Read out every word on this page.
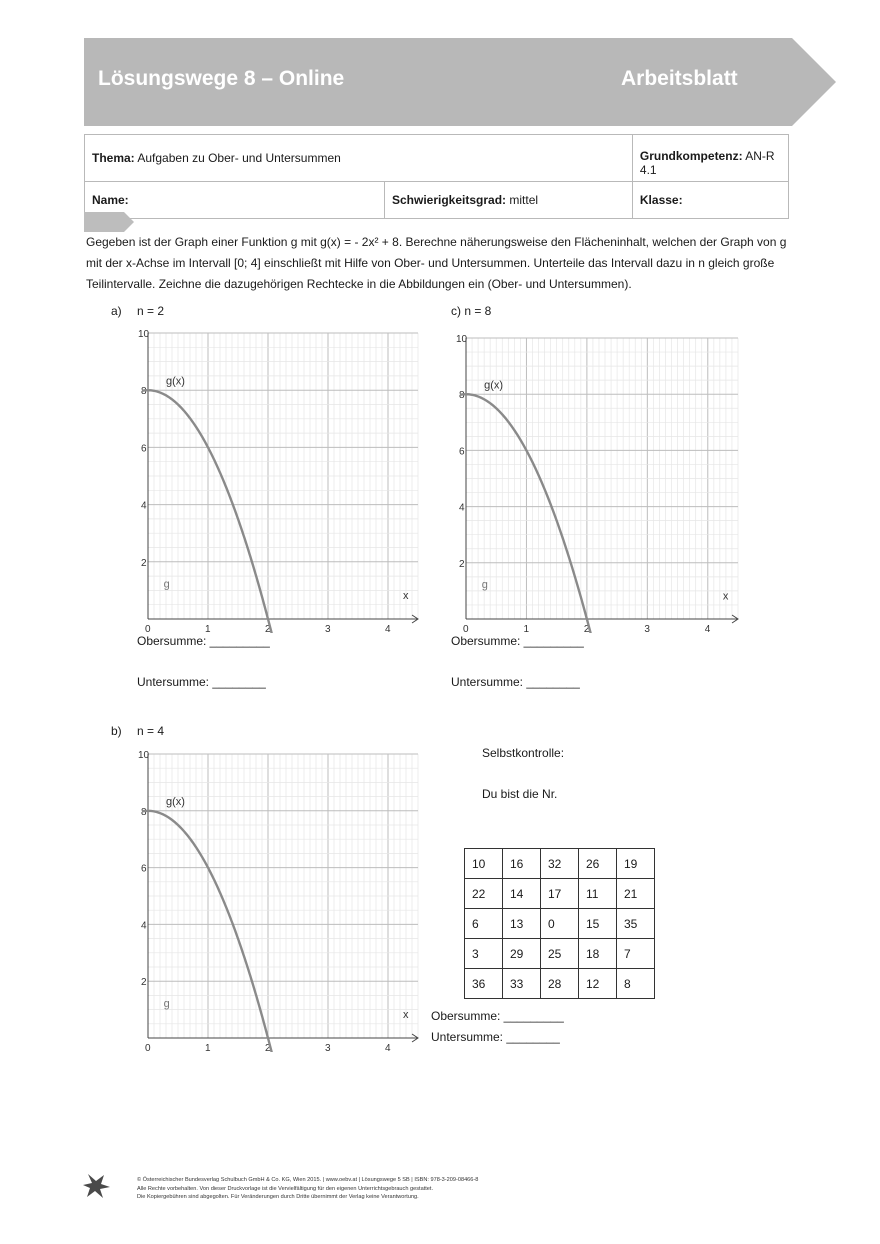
Lösungswege 8 – Online	Arbeitsblatt
Thema: Aufgaben zu Ober- und Untersummen		Grundkompetenz: AN-R 4.1
Name:	Schwierigkeitsgrad: mittel	Klasse:

Gegeben ist der Graph einer Funktion g mit g(x) = - 2x² + 8. Berechne näherungsweise den Flächeninhalt, welchen der Graph von g mit der x-Achse im Intervall [0; 4] einschließt mit Hilfe von Ober- und Untersummen. Unterteile das Intervall dazu in n gleich große Teilintervalle. Zeichne die dazugehörigen Rechtecke in die Abbildungen ein (Ober- und Untersummen).

a) n = 2
0	1	2	3	4
2
4
6
8
10
g(x)
x
g
Obersumme: _________
Untersumme: ________
c) n = 8
0	1	2	3	4
2
4
6
8
10
g(x)
x
g
Obersumme: _________
Untersumme: ________
b) n = 4
0	1	2	3	4
2
4
6
8
10
g(x)
x
g
Selbstkontrolle:
Du bist die Nr.
10	16	32	26	19
22	14	17	11	21
6	13	0	15	35
3	29	25	18	7
36	33	28	12	8
Obersumme: _________
Untersumme: ________
© Österreichischer Bundesverlag Schulbuch GmbH & Co. KG, Wien 2015. | www.oebv.at | Lösungswege 5 SB | ISBN: 978-3-209-08466-8
Alle Rechte vorbehalten. Von dieser Druckvorlage ist die Vervielfältigung für den eigenen Unterrichtsgebrauch gestattet.
Die Kopiergebühren sind abgegolten. Für Veränderungen durch Dritte übernimmt der Verlag keine Verantwortung.
